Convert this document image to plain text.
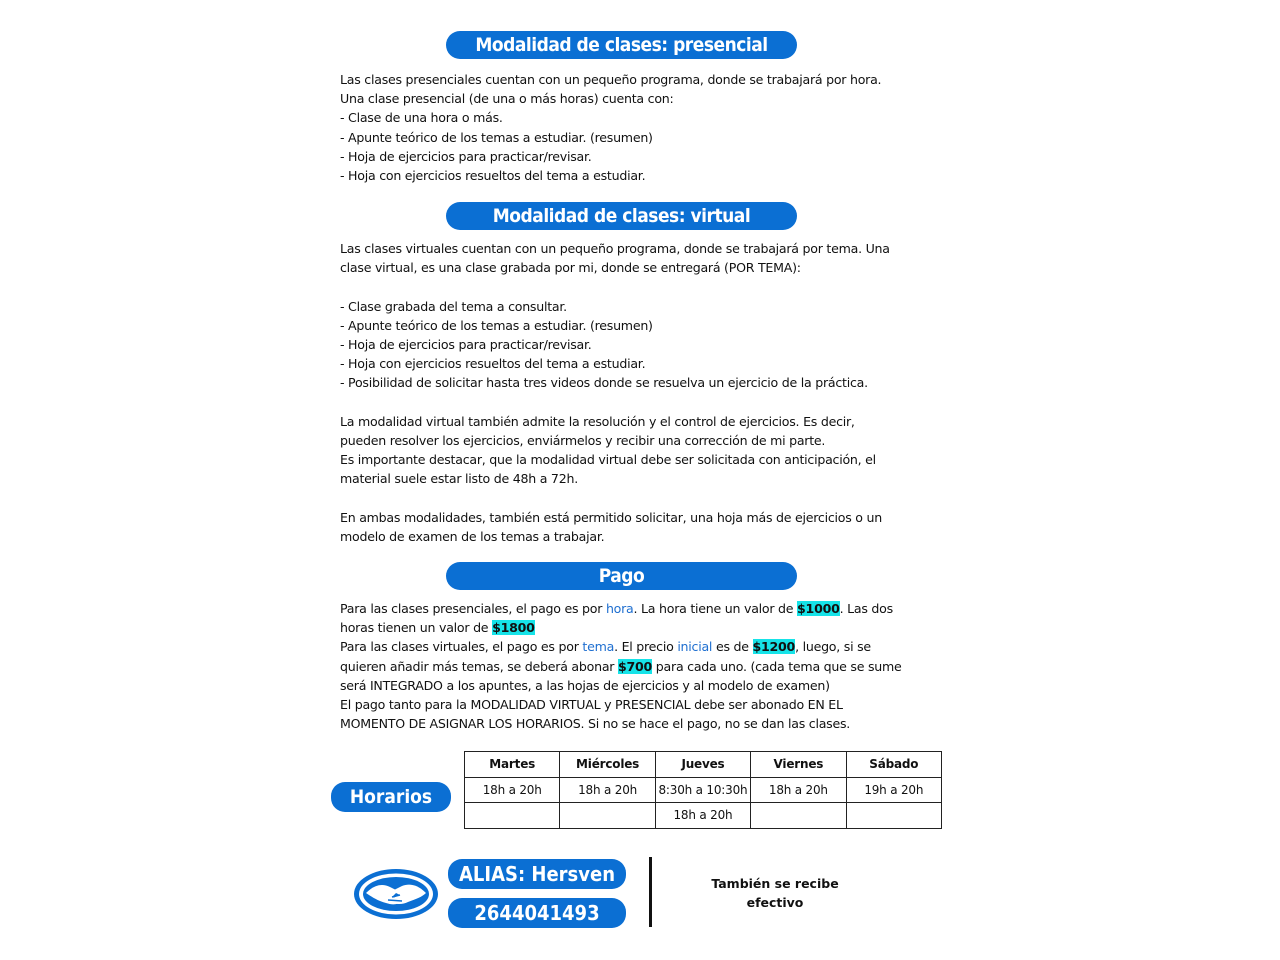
Modalidad de clases: presencial
Las clases presenciales cuentan con un pequeño programa, donde se trabajará por hora.
Una clase presencial (de una o más horas) cuenta con:
- Clase de una hora o más.
- Apunte teórico de los temas a estudiar. (resumen)
- Hoja de ejercicios para practicar/revisar.
- Hoja con ejercicios resueltos del tema a estudiar.
Modalidad de clases: virtual
Las clases virtuales cuentan con un pequeño programa, donde se trabajará por tema. Una
clase virtual, es una clase grabada por mi, donde se entregará (POR TEMA):
- Clase grabada del tema a consultar.
- Apunte teórico de los temas a estudiar. (resumen)
- Hoja de ejercicios para practicar/revisar.
- Hoja con ejercicios resueltos del tema a estudiar.
- Posibilidad de solicitar hasta tres videos donde se resuelva un ejercicio de la práctica.
La modalidad virtual también admite la resolución y el control de ejercicios. Es decir,
pueden resolver los ejercicios, enviármelos y recibir una corrección de mi parte.
Es importante destacar, que la modalidad virtual debe ser solicitada con anticipación, el
material suele estar listo de 48h a 72h.
En ambas modalidades, también está permitido solicitar, una hoja más de ejercicios o un
modelo de examen de los temas a trabajar.
Pago
Para las clases presenciales, el pago es por hora. La hora tiene un valor de $1000. Las dos
horas tienen un valor de $1800
Para las clases virtuales, el pago es por tema. El precio inicial es de $1200, luego, si se
quieren añadir más temas, se deberá abonar $700 para cada uno. (cada tema que se sume
será INTEGRADO a los apuntes, a las hojas de ejercicios y al modelo de examen)
El pago tanto para la MODALIDAD VIRTUAL y PRESENCIAL debe ser abonado EN EL
MOMENTO DE ASIGNAR LOS HORARIOS. Si no se hace el pago, no se dan las clases.
Horarios
Martes	Miércoles	Jueves	Viernes	Sábado
18h a 20h	18h a 20h	8:30h a 10:30h	18h a 20h	19h a 20h
		18h a 20h		
ALIAS: Hersven
2644041493
También se recibe
efectivo
